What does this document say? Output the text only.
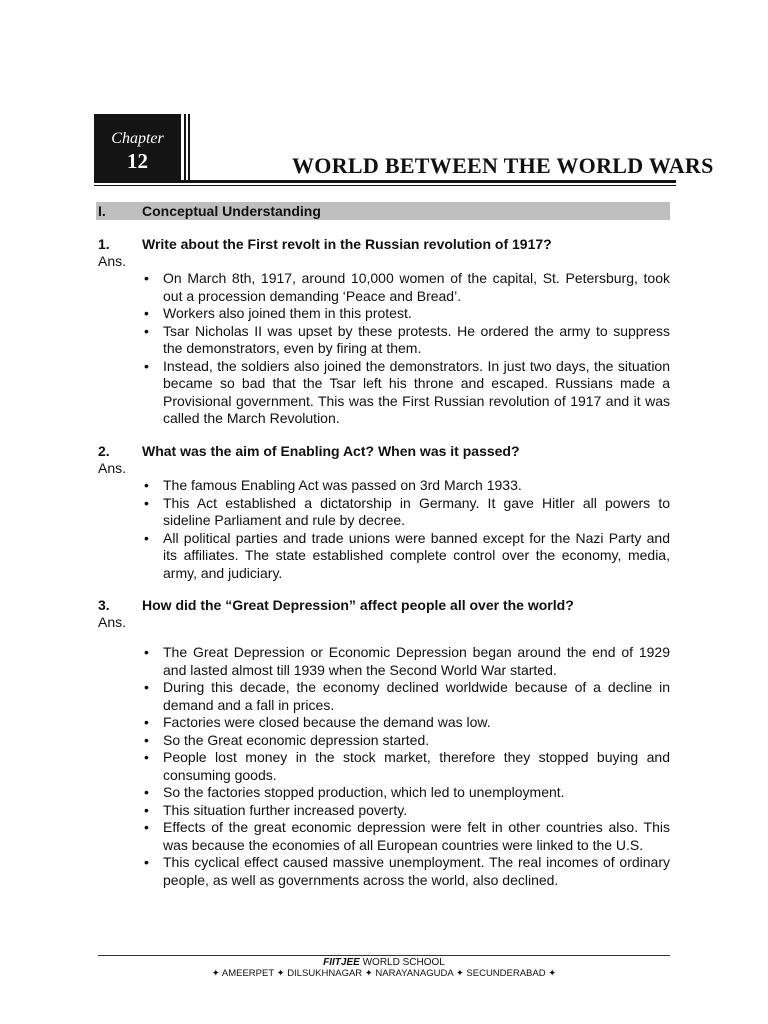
Chapter
12	WORLD BETWEEN THE WORLD WARS
I.	Conceptual Understanding
1. Write about the First revolt in the Russian revolution of 1917?
Ans.
• On March 8th, 1917, around 10,000 women of the capital, St. Petersburg, took out a procession demanding ‘Peace and Bread’.
• Workers also joined them in this protest.
• Tsar Nicholas II was upset by these protests. He ordered the army to suppress the demonstrators, even by firing at them.
• Instead, the soldiers also joined the demonstrators. In just two days, the situation became so bad that the Tsar left his throne and escaped. Russians made a Provisional government. This was the First Russian revolution of 1917 and it was called the March Revolution.
2. What was the aim of Enabling Act? When was it passed?
Ans.
• The famous Enabling Act was passed on 3rd March 1933.
• This Act established a dictatorship in Germany. It gave Hitler all powers to sideline Parliament and rule by decree.
• All political parties and trade unions were banned except for the Nazi Party and its affiliates. The state established complete control over the economy, media, army, and judiciary.
3. How did the “Great Depression” affect people all over the world?
Ans.
• The Great Depression or Economic Depression began around the end of 1929 and lasted almost till 1939 when the Second World War started.
• During this decade, the economy declined worldwide because of a decline in demand and a fall in prices.
• Factories were closed because the demand was low.
• So the Great economic depression started.
• People lost money in the stock market, therefore they stopped buying and consuming goods.
• So the factories stopped production, which led to unemployment.
• This situation further increased poverty.
• Effects of the great economic depression were felt in other countries also. This was because the economies of all European countries were linked to the U.S.
• This cyclical effect caused massive unemployment. The real incomes of ordinary people, as well as governments across the world, also declined.
FIITJEE WORLD SCHOOL
✦ AMEERPET ✦ DILSUKHNAGAR ✦ NARAYANAGUDA ✦ SECUNDERABAD ✦
